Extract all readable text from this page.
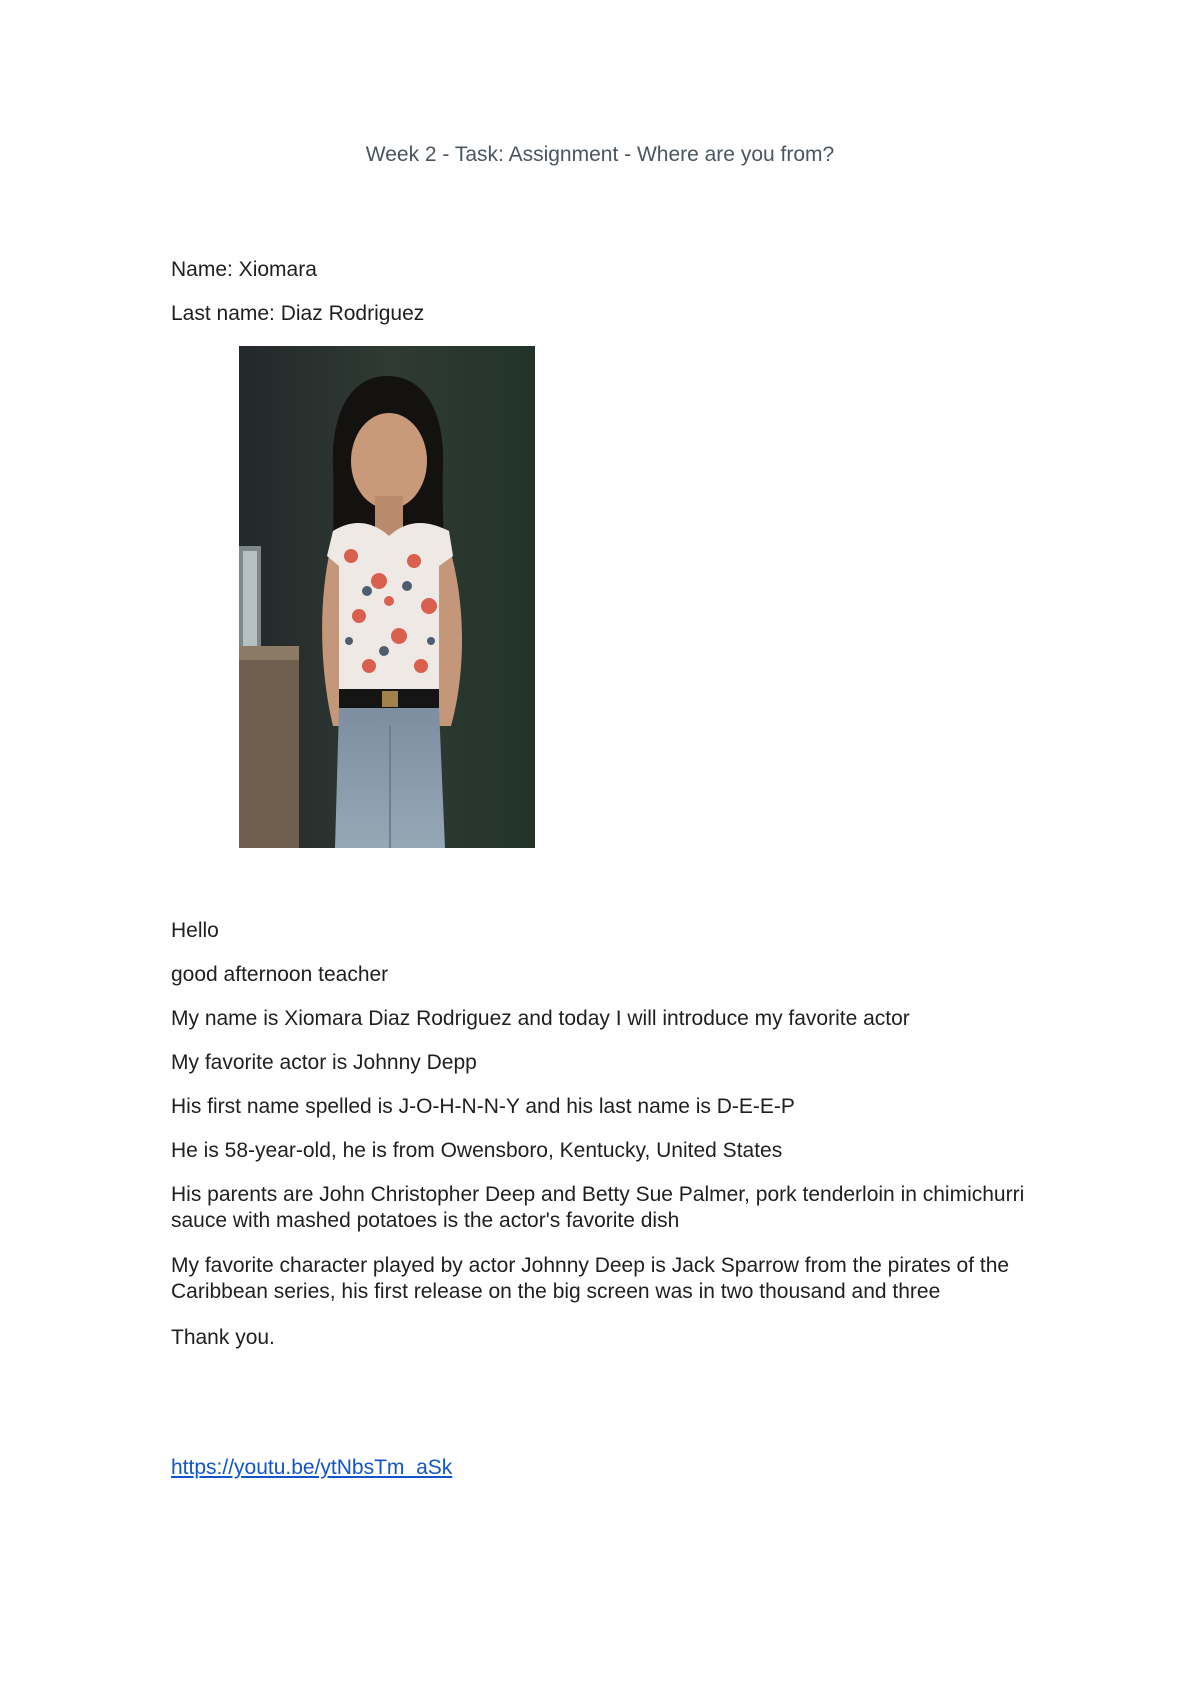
Week 2 - Task: Assignment - Where are you from?
Name: Xiomara
Last name: Diaz Rodriguez
Hello
good afternoon teacher
My name is Xiomara Diaz Rodriguez and today I will introduce my favorite actor
My favorite actor is Johnny Depp
His first name spelled is J-O-H-N-N-Y and his last name is D-E-E-P
He is 58-year-old, he is from Owensboro, Kentucky, United States
His parents are John Christopher Deep and Betty Sue Palmer, pork tenderloin in chimichurri sauce with mashed potatoes is the actor's favorite dish
My favorite character played by actor Johnny Deep is Jack Sparrow from the pirates of the Caribbean series, his first release on the big screen was in two thousand and three
Thank you.
https://youtu.be/ytNbsTm_aSk
